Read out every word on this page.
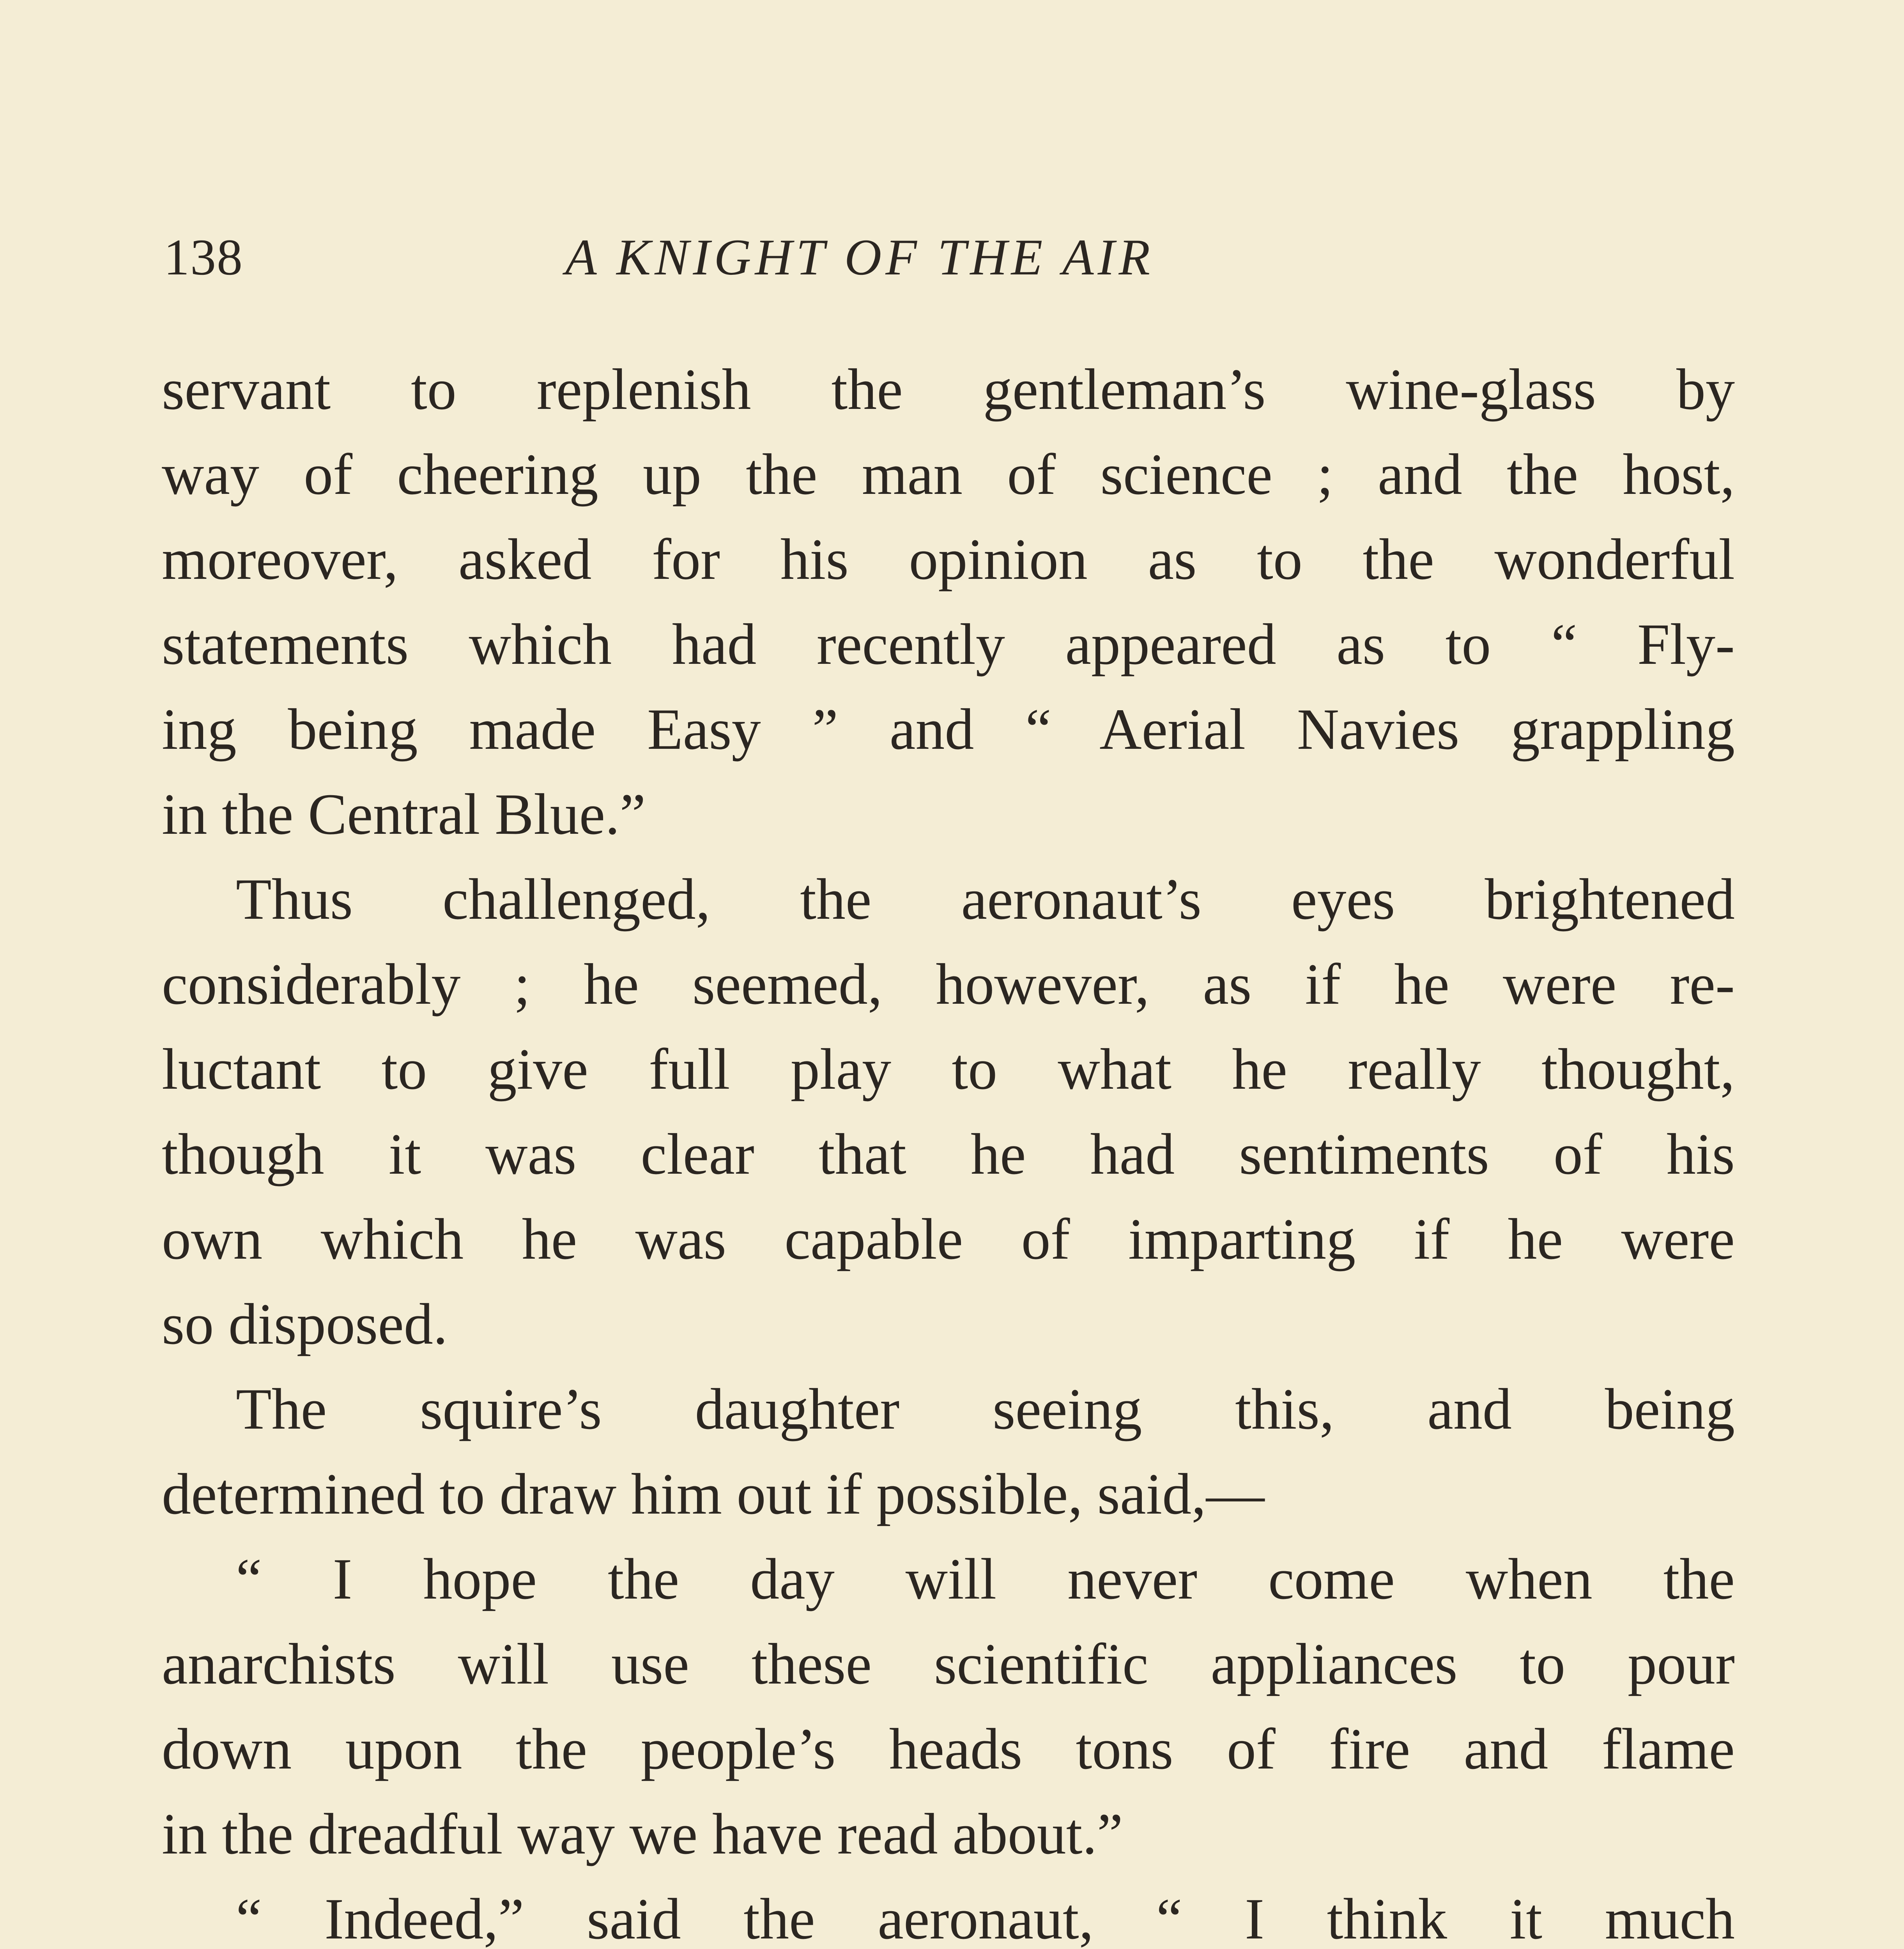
138	A KNIGHT OF THE AIR
servant to replenish the gentleman’s wine-glass by
way of cheering up the man of science ; and the host,
moreover, asked for his opinion as to the wonderful
statements which had recently appeared as to “ Fly-
ing being made Easy ” and “ Aerial Navies grappling
in the Central Blue.”
Thus challenged, the aeronaut’s eyes brightened
considerably ; he seemed, however, as if he were re-
luctant to give full play to what he really thought,
though it was clear that he had sentiments of his
own which he was capable of imparting if he were
so disposed.
The squire’s daughter seeing this, and being
determined to draw him out if possible, said,—
“ I hope the day will never come when the
anarchists will use these scientific appliances to pour
down upon the people’s heads tons of fire and flame
in the dreadful way we have read about.”
“ Indeed,” said the aeronaut, “ I think it much
